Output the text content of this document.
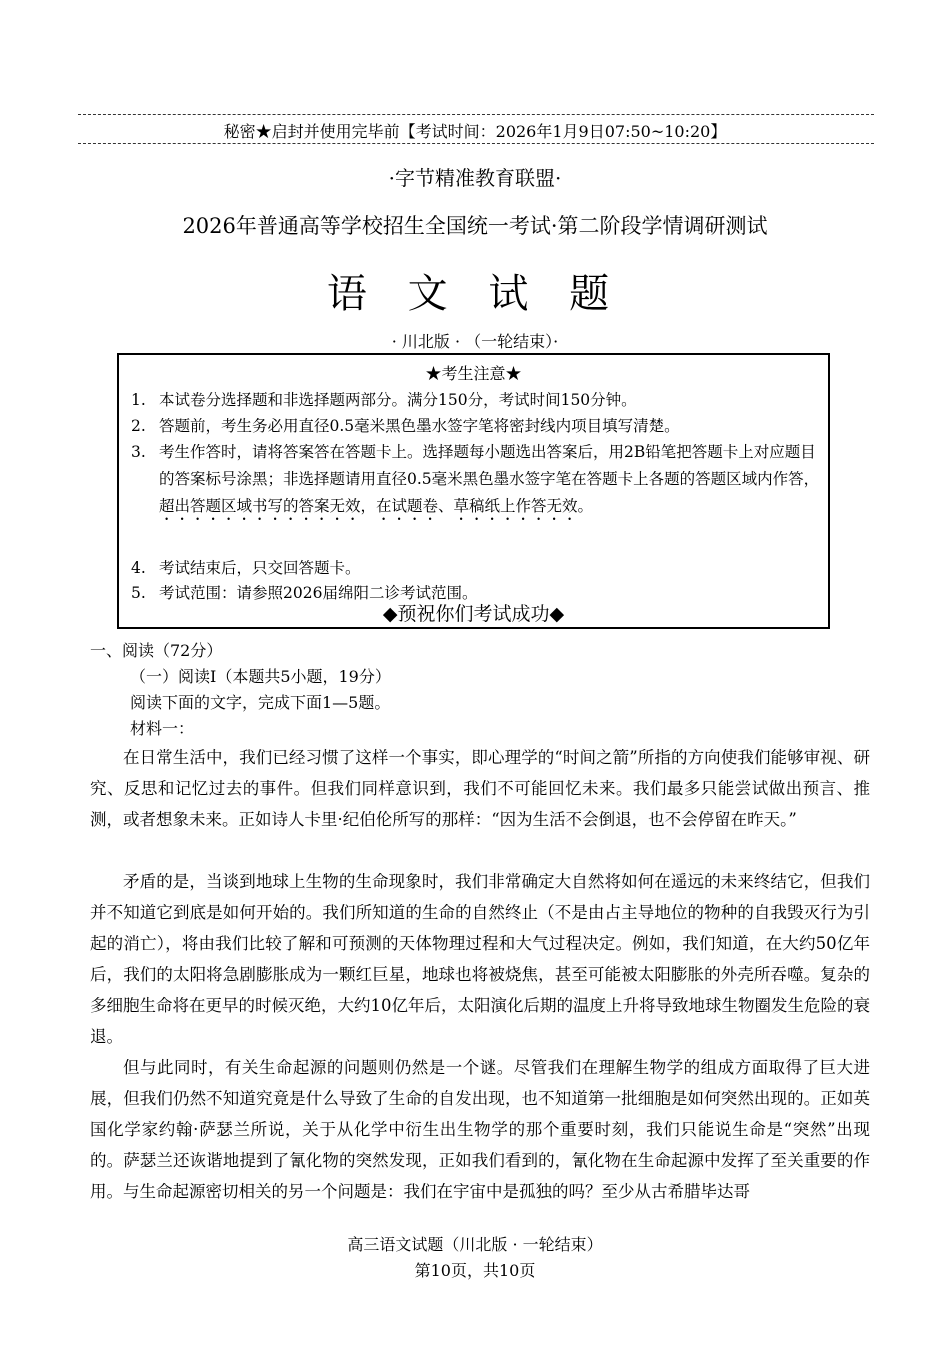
秘密★启封并使用完毕前【考试时间：2026年1月9日07:50~10:20】
·字节精准教育联盟·
2026年普通高等学校招生全国统一考试·第二阶段学情调研测试
语 文 试 题
· 川北版 · （一轮结束）·
★考生注意★
1. 本试卷分选择题和非选择题两部分。满分150分，考试时间150分钟。
2. 答题前，考生务必用直径0.5毫米黑色墨水签字笔将密封线内项目填写清楚。
3. 考生作答时，请将答案答在答题卡上。选择题每小题选出答案后，用2B铅笔把答题卡上对应题目的答案标号涂黑；非选择题请用直径0.5毫米黑色墨水签字笔在答题卡上各题的答题区域内作答，超出答题区域书写的答案无效，在试题卷、草稿纸上作答无效。
4. 考试结束后，只交回答题卡。
5. 考试范围：请参照2026届绵阳二诊考试范围。
◆预祝你们考试成功◆
一、阅读（72分）
（一）阅读Ⅰ（本题共5小题，19分）
阅读下面的文字，完成下面1—5题。
材料一：
在日常生活中，我们已经习惯了这样一个事实，即心理学的“时间之箭”所指的方向使我们能够审视、研究、反思和记忆过去的事件。但我们同样意识到，我们不可能回忆未来。我们最多只能尝试做出预言、推测，或者想象未来。正如诗人卡里·纪伯伦所写的那样：“因为生活不会倒退，也不会停留在昨天。”
矛盾的是，当谈到地球上生物的生命现象时，我们非常确定大自然将如何在遥远的未来终结它，但我们并不知道它到底是如何开始的。我们所知道的生命的自然终止（不是由占主导地位的物种的自我毁灭行为引起的消亡），将由我们比较了解和可预测的天体物理过程和大气过程决定。例如，我们知道，在大约50亿年后，我们的太阳将急剧膨胀成为一颗红巨星，地球也将被烧焦，甚至可能被太阳膨胀的外壳所吞噬。复杂的多细胞生命将在更早的时候灭绝，大约10亿年后，太阳演化后期的温度上升将导致地球生物圈发生危险的衰退。
但与此同时，有关生命起源的问题则仍然是一个谜。尽管我们在理解生物学的组成方面取得了巨大进展，但我们仍然不知道究竟是什么导致了生命的自发出现，也不知道第一批细胞是如何突然出现的。正如英国化学家约翰·萨瑟兰所说，关于从化学中衍生出生物学的那个重要时刻，我们只能说生命是“突然”出现的。萨瑟兰还诙谐地提到了氰化物的突然发现，正如我们看到的，氰化物在生命起源中发挥了至关重要的作用。 与生命起源密切相关的另一个问题是：我们在宇宙中是孤独的吗？至少从古希腊毕达哥
高三语文试题（川北版 · 一轮结束）
第10页，共10页
